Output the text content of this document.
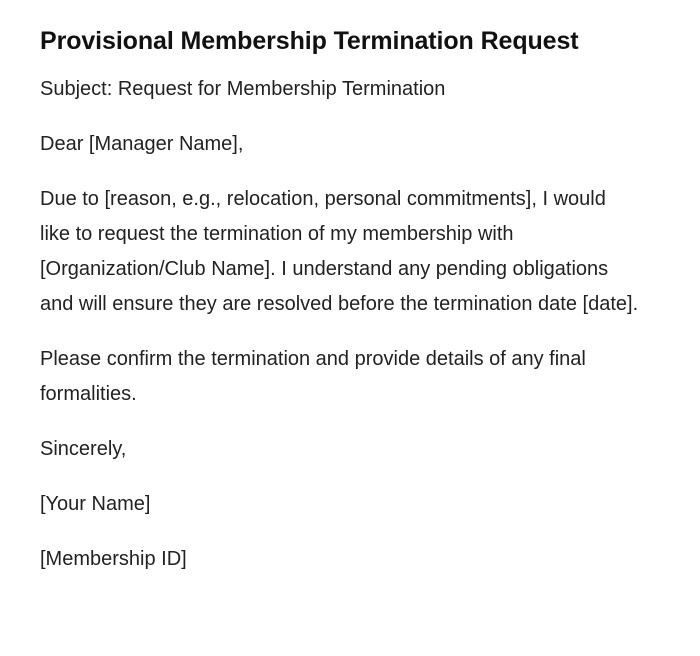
Provisional Membership Termination Request

Subject: Request for Membership Termination

Dear [Manager Name],

Due to [reason, e.g., relocation, personal commitments], I would like to request the termination of my membership with [Organization/Club Name]. I understand any pending obligations and will ensure they are resolved before the termination date [date].

Please confirm the termination and provide details of any final formalities.

Sincerely,

[Your Name]

[Membership ID]
